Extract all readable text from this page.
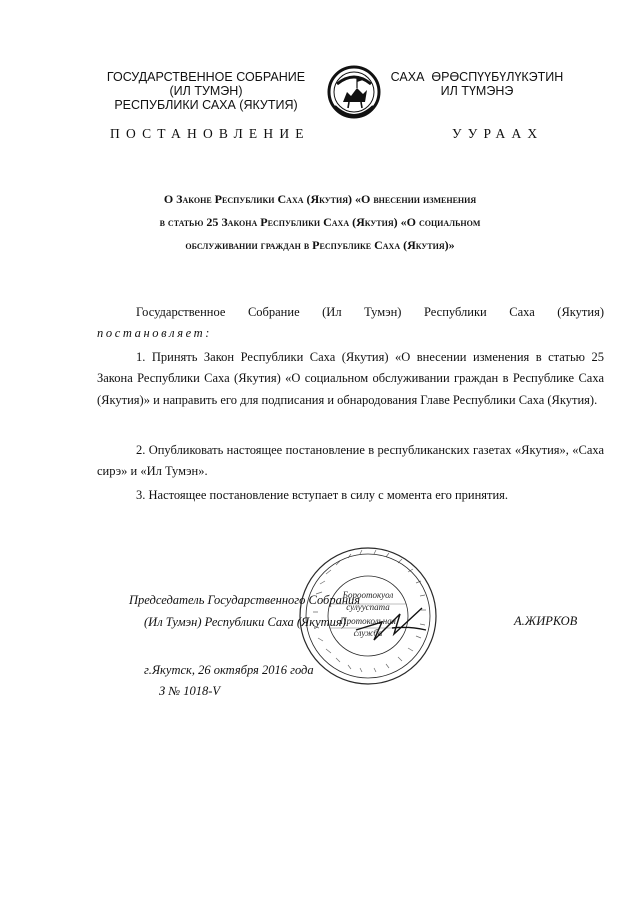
ГОСУДАРСТВЕННОЕ СОБРАНИЕ
(ИЛ ТУМЭН)
РЕСПУБЛИКИ САХА (ЯКУТИЯ)
САХА  ӨРӨСПҮҮБҮЛҮКЭТИН
ИЛ ТҮМЭНЭ
ПОСТАНОВЛЕНИЕ	УУРААХ
О Законе Республики Саха (Якутия) «О внесении изменения
в статью 25 Закона Республики Саха (Якутия) «О социальном
обслуживании граждан в Республике Саха (Якутия)»
Государственное Собрание (Ил Тумэн) Республики Саха (Якутия)
постановляет:
1. Принять Закон Республики Саха (Якутия) «О внесении изменения в статью 25 Закона Республики Саха (Якутия) «О социальном обслуживании граждан в Республике Саха (Якутия)» и направить его для подписания и обнародования Главе Республики Саха (Якутия).
2. Опубликовать настоящее постановление в республиканских газетах «Якутия», «Саха сирэ» и «Ил Тумэн».
3. Настоящее постановление вступает в силу с момента его принятия.
Бороотокуол
сулууспата
Протокольная
служба
Председатель Государственного Собрания
(Ил Тумэн) Республики Саха (Якутия)	А.ЖИРКОВ
г.Якутск, 26 октября 2016 года
З № 1018-V
